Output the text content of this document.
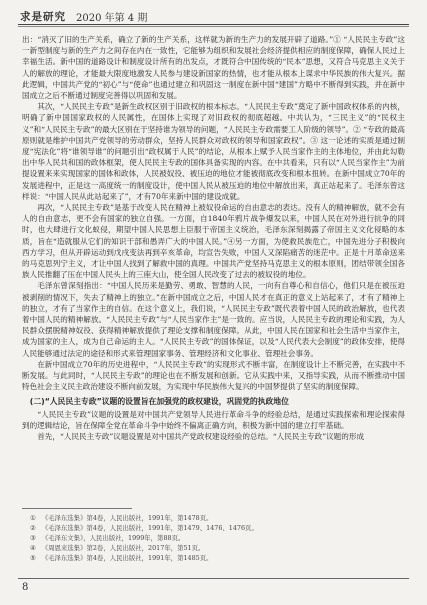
求是研究 2020 年第 4 期

出：“消灭了旧的生产关系，确立了新的生产关系，这样就为新的生产力的发展开辟了道路。”① “人民民主专政”这一新型制度与新的生产力之间存在内在一致性，它能够为组织和发展社会经济提供相应的制度保障，确保人民过上幸福生活。新中国的道路设计和制度设计所有的出发点，才既符合中国传统的“民本”思想，又符合马克思主义关于人的解放的理论，才能最大限度地激发人民参与建设新国家的热情，也才能从根本上谋求中华民族的伟大复兴。据此逻辑，中国共产党的“初心”与“使命”也通过建立和巩固这一制度在新中国“建国”方略中不断得到实践，并在新中国成立之后不断通过制度完善得以巩固和发展。

其次，“人民民主专政”是新生政权区别于旧政权的根本标志。“人民民主专政”奠定了新中国政权体系的内核，明确了新中国国家政权的人民属性，在国体上实现了对旧政权的彻底超越。中共认为，“三民主义”的“民权主义”和“人民民主专政”的最大区别在于坚持谁为领导的问题，“人民民主专政需要工人阶级的领导”。② “专政的最高原则就是维护中国共产党领导的劳动群众，坚持人民群众对政权的领导和国家政权”。③ 这一论述的实质是通过制度“宪法化”将“谁领导谁”的问题引出“政权属于人民”的结论，从根本上赋予人民当家作主的主体地位，并由此勾勒出中华人民共和国的政体框架，使人民民主专政的国体具备实现的内容。在中共看来，只有以“人民当家作主”为前提设置来来实现国家的国体和政体，人民被奴役、被压迫的地位才能被彻底改变和根本扭转。在新中国成立70年的发展进程中，正是这一高度统一的制度设计，使中国人民从被压迫的地位中解放出来，真正站起来了。毛泽东曾这样说：“中国人民从此站起来了”，才有70年来新中国的建设成就。

再次，“人民民主专政”是基于改变人民在精神上被奴役命运的自由意志的表达。没有人的精神解放，就不会有人的自由意志，更不会有国家的独立自强。一方面，自1840年鸦片战争爆发以来，中国人民在对外进行抗争的同时，也大肆进行文化蚁侵，期望中国人民思想上臣服于帝国主义统治，毛泽东深刻揭露了帝国主义文化侵略的本质，旨在“造就服从它们的知识干部和愚弄广大的中国人民。”④另一方面，为使救民族危亡，中国先进分子积极向西方学习，但从开辟运动到戊戌变法再到辛亥革命，均宣告失败，中国人又深陷痛苦的迷茫中。正是十月革命送来的马克思列宁主义，才让中国人找到了解救中国的真理。中国共产党坚持马克思主义的根本原则，团结带领全国各族人民推翻了压在中国人民头上的三座大山，使全国人民改变了过去的被奴役的地位。

毛泽东曾深刻指出：“中国人民历来是勤劳、勇敢、智慧的人民，一向有自尊心和自信心，他们只是在被压迫被剥削的情况下，失去了精神上的独立。”在新中国成立之后，中国人民才在真正的意义上站起来了，才有了精神上的独立，才有了当家作主的自信。在这个意义上，我们说，“人民民主专政”既代表着中国人民的政治解放，也代表着中国人民的精神解放。“人民民主专政”与“人民当家作主”是一致的。应当说，人民民主专政的理论和实践，为人民群众摆脱精神奴役、获得精神解放提供了理论支撑和制度保障。从此，中国人民在国家和社会生活中当家作主，成为国家的主人，成为自己命运的主人。“人民民主专政”的国体保证，以及“人民代表大会制度”的政体安排，使得人民能够通过法定的途径和形式来管理国家事务、管理经济和文化事业、管理社会事务。

在新中国成立70年的历史进程中，“人民民主专政”的实现形式不断丰富，在制度设计上不断完善，在实践中不断发展。与此同时，“人民民主专政”的理论也在不断发展和创新。它从实践中来，又指导实践，从而不断推动中国特色社会主义民主政治建设不断向前发展，为实现中华民族伟大复兴的中国梦提供了坚实的制度保障。

(二)“人民民主专政”议题的设置旨在加强党的政权建设，巩固党的执政地位

“人民民主专政”议题的设置是对中国共产党领导人民进行革命斗争的经验总结，是通过实践探索和理论探索得到的逻辑结论，旨在保障全党在革命斗争中始终不偏离正确方向，积极为新中国的建立打牢基础。

首先，“人民民主专政”议题设置是对中国共产党政权建设经验的总结。“人民民主专政”议题的形成

① 《毛泽东选集》第4卷，人民出版社，1991年，第1478页。
② 《毛泽东选集》第4卷，人民出版社，1991年，第1479、1476、1476页。
③ 《毛泽东文集》，人民出版社，1999年，第88页。
④ 《周恩来选集》第2卷，人民出版社，2017年，第51页。
⑤ 《毛泽东选集》第4卷，人民出版社，1991年，第1485页。
8
